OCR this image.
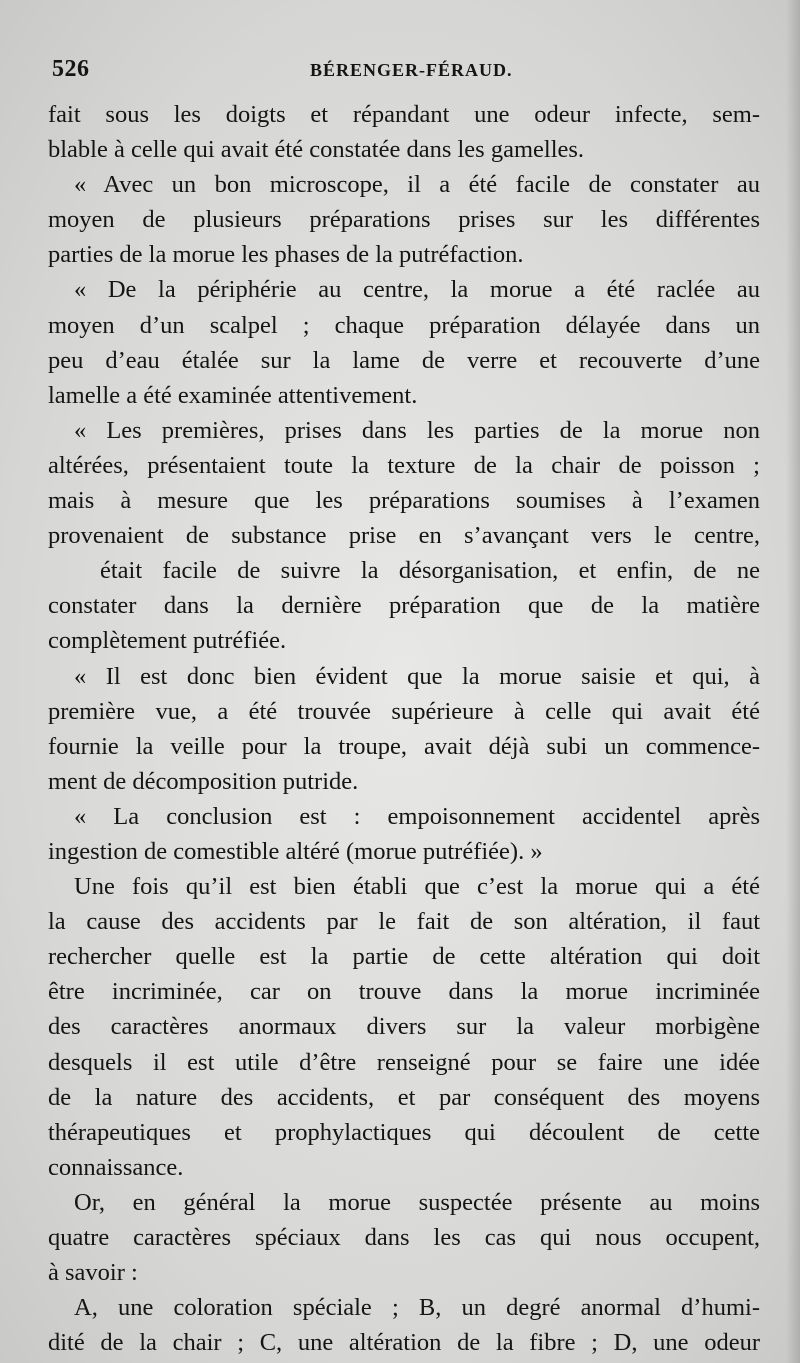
526	BÉRENGER-FÉRAUD.
fait sous les doigts et répandant une odeur infecte, sem-
blable à celle qui avait été constatée dans les gamelles.
« Avec un bon microscope, il a été facile de constater au
moyen de plusieurs préparations prises sur les différentes
parties de la morue les phases de la putréfaction.
« De la périphérie au centre, la morue a été raclée au
moyen d’un scalpel ; chaque préparation délayée dans un
peu d’eau étalée sur la lame de verre et recouverte d’une
lamelle a été examinée attentivement.
« Les premières, prises dans les parties de la morue non
altérées, présentaient toute la texture de la chair de poisson ;
mais à mesure que les préparations soumises à l’examen
provenaient de substance prise en s’avançant vers le centre,
était facile de suivre la désorganisation, et enfin, de ne
constater dans la dernière préparation que de la matière
complètement putréfiée.
« Il est donc bien évident que la morue saisie et qui, à
première vue, a été trouvée supérieure à celle qui avait été
fournie la veille pour la troupe, avait déjà subi un commence-
ment de décomposition putride.
« La conclusion est : empoisonnement accidentel après
ingestion de comestible altéré (morue putréfiée). »
Une fois qu’il est bien établi que c’est la morue qui a été
la cause des accidents par le fait de son altération, il faut
rechercher quelle est la partie de cette altération qui doit
être incriminée, car on trouve dans la morue incriminée
des caractères anormaux divers sur la valeur morbigène
desquels il est utile d’être renseigné pour se faire une idée
de la nature des accidents, et par conséquent des moyens
thérapeutiques et prophylactiques qui découlent de cette
connaissance.
Or, en général la morue suspectée présente au moins
quatre caractères spéciaux dans les cas qui nous occupent,
à savoir :
A, une coloration spéciale ; B, un degré anormal d’humi-
dité de la chair ; C, une altération de la fibre ; D, une odeur
